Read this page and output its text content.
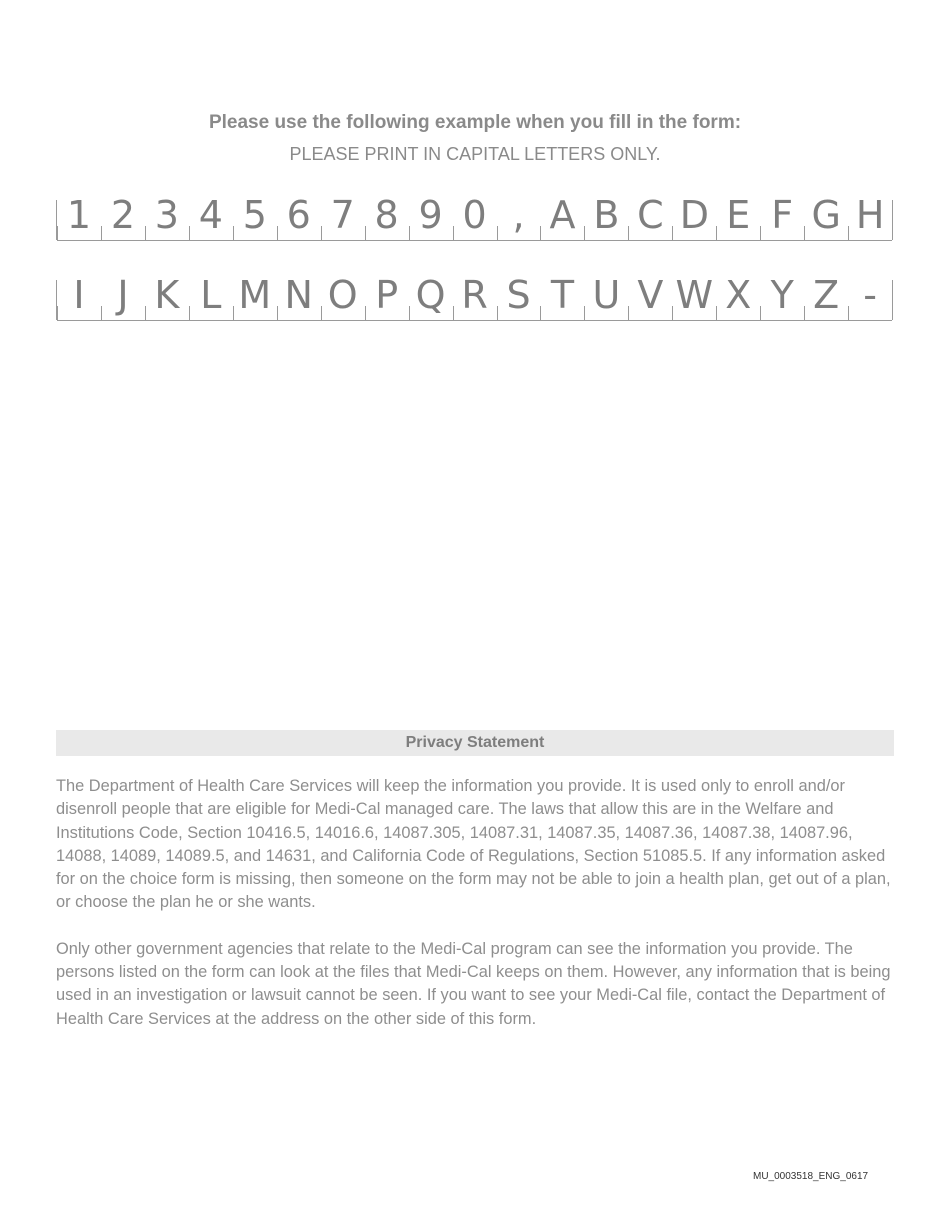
Please use the following example when you fill in the form:
PLEASE PRINT IN CAPITAL LETTERS ONLY.
1 2 3 4 5 6 7 8 9 0 , A B C D E F G H
I J K L M N O P Q R S T U V W X Y Z -
Privacy Statement

The Department of Health Care Services will keep the information you provide. It is used only to enroll and/or disenroll people that are eligible for Medi-Cal managed care. The laws that allow this are in the Welfare and Institutions Code, Section 10416.5, 14016.6, 14087.305, 14087.31, 14087.35, 14087.36, 14087.38, 14087.96, 14088, 14089, 14089.5, and 14631, and California Code of Regulations, Section 51085.5. If any information asked for on the choice form is missing, then someone on the form may not be able to join a health plan, get out of a plan, or choose the plan he or she wants.

Only other government agencies that relate to the Medi-Cal program can see the information you provide. The persons listed on the form can look at the files that Medi-Cal keeps on them. However, any information that is being used in an investigation or lawsuit cannot be seen. If you want to see your Medi-Cal file, contact the Department of Health Care Services at the address on the other side of this form.

MU_0003518_ENG_0617
